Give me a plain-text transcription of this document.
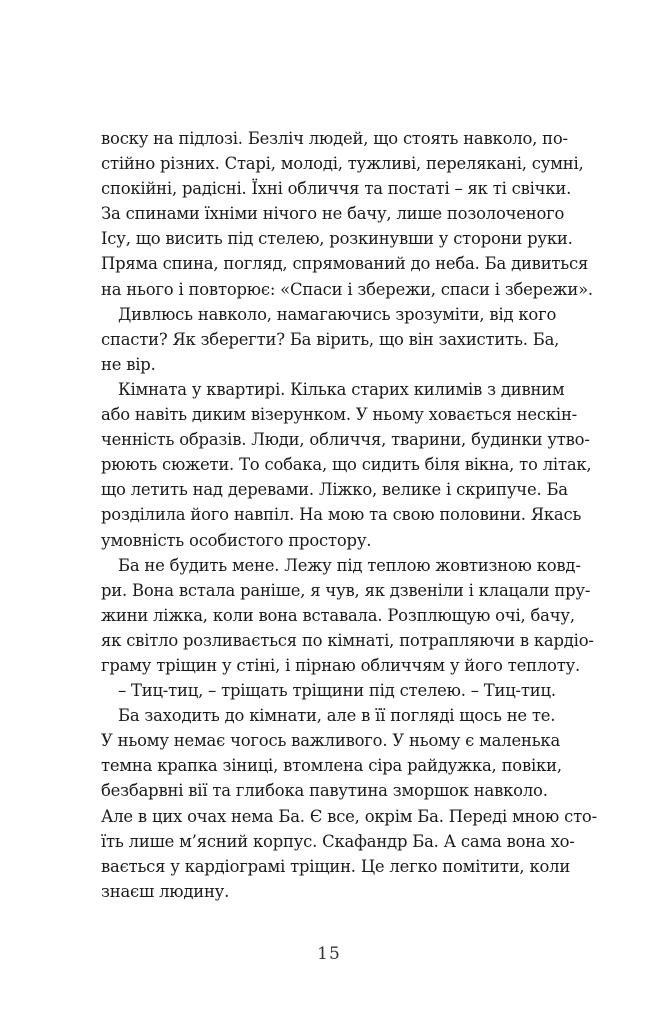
воску на підлозі. Безліч людей, що стоять навколо, по-
стійно різних. Старі, молоді, тужливі, перелякані, сумні,
спокійні, радісні. Їхні обличчя та постаті – як ті свічки.
За спинами їхніми нічого не бачу, лише позолоченого
Ісу, що висить під стелею, розкинувши у сторони руки.
Пряма спина, погляд, спрямований до неба. Ба дивиться
на нього і повторює: «Спаси і збережи, спаси і збережи».
Дивлюсь навколо, намагаючись зрозуміти, від кого
спасти? Як зберегти? Ба вірить, що він захистить. Ба,
не вір.
Кімната у квартирі. Кілька старих килимів з дивним
або навіть диким візерунком. У ньому ховається нескін-
ченність образів. Люди, обличчя, тварини, будинки утво-
рюють сюжети. То собака, що сидить біля вікна, то літак,
що летить над деревами. Ліжко, велике і скрипуче. Ба
розділила його навпіл. На мою та свою половини. Якась
умовність особистого простору.
Ба не будить мене. Лежу під теплою жовтизною ковд-
ри. Вона встала раніше, я чув, як дзвеніли і клацали пру-
жини ліжка, коли вона вставала. Розплющую очі, бачу,
як світло розливається по кімнаті, потрапляючи в кардіо-
граму тріщин у стіні, і пірнаю обличчям у його теплоту.
– Тиц-тиц, – тріщать тріщини під стелею. – Тиц-тиц.
Ба заходить до кімнати, але в її погляді щось не те.
У ньому немає чогось важливого. У ньому є маленька
темна крапка зіниці, втомлена сіра райдужка, повіки,
безбарвні вії та глибока павутина зморшок навколо.
Але в цих очах нема Ба. Є все, окрім Ба. Переді мною сто-
їть лише м’ясний корпус. Скафандр Ба. А сама вона хо-
вається у кардіограмі тріщин. Це легко помітити, коли
знаєш людину.
15
